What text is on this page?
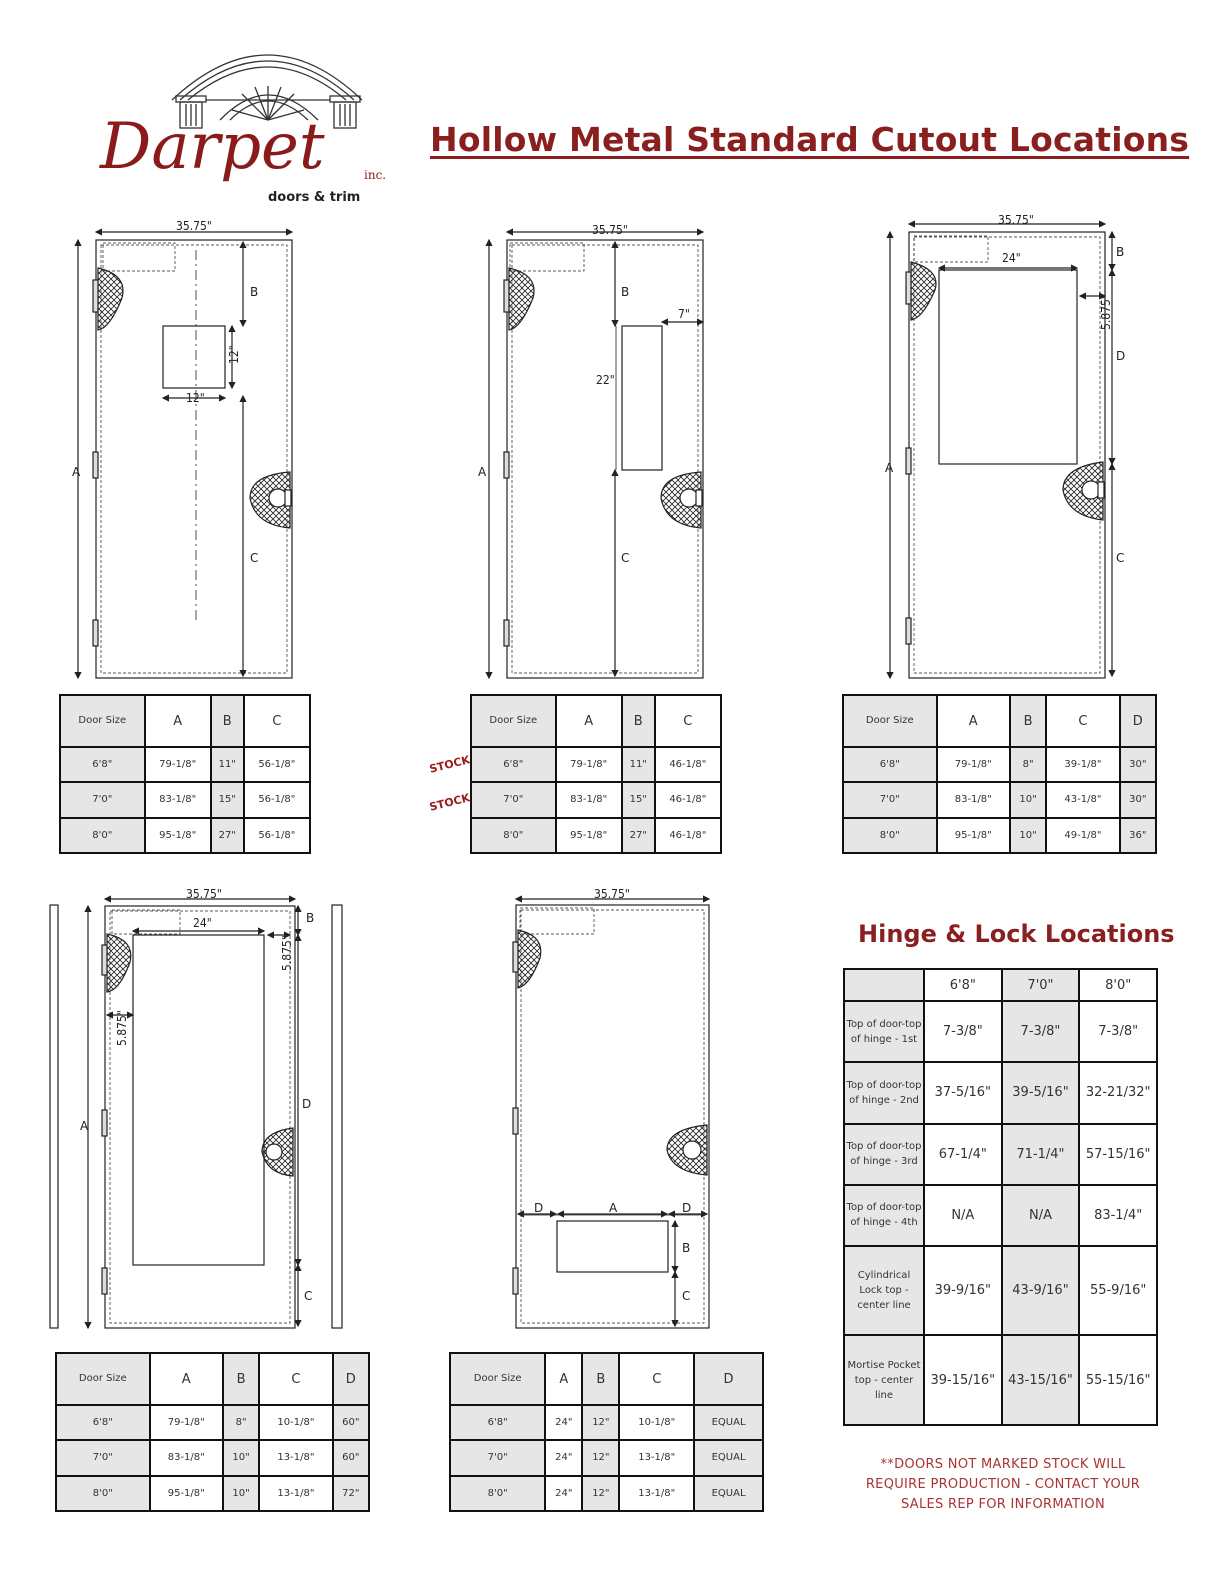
Darpet	inc.
doors & trim
Hollow Metal Standard Cutout Locations
35.75"
A
B
C
12"
12"
35.75"
A
B
C
7"
22"
35.75"
A
B
C
D
24"
5.875"
35.75"
A
B
C
D
24"
5.875"
5.875"
35.75"
A
B
C
D	D
Door Size	A	B	C
6'8"	79-1/8"	11"	56-1/8"
7'0"	83-1/8"	15"	56-1/8"
8'0"	95-1/8"	27"	56-1/8"
STOCK
STOCK
Door Size	A	B	C
6'8"	79-1/8"	11"	46-1/8"
7'0"	83-1/8"	15"	46-1/8"
8'0"	95-1/8"	27"	46-1/8"
Door Size	A	B	C	D
6'8"	79-1/8"	8"	39-1/8"	30"
7'0"	83-1/8"	10"	43-1/8"	30"
8'0"	95-1/8"	10"	49-1/8"	36"
Door Size	A	B	C	D
6'8"	79-1/8"	8"	10-1/8"	60"
7'0"	83-1/8"	10"	13-1/8"	60"
8'0"	95-1/8"	10"	13-1/8"	72"
Door Size	A	B	C	D
6'8"	24"	12"	10-1/8"	EQUAL
7'0"	24"	12"	13-1/8"	EQUAL
8'0"	24"	12"	13-1/8"	EQUAL
Hinge & Lock Locations
	6'8"	7'0"	8'0"
Top of door-top of hinge - 1st	7-3/8"	7-3/8"	7-3/8"
Top of door-top of hinge - 2nd	37-5/16"	39-5/16"	32-21/32"
Top of door-top of hinge - 3rd	67-1/4"	71-1/4"	57-15/16"
Top of door-top of hinge - 4th	N/A	N/A	83-1/4"
Cylindrical Lock top - center line	39-9/16"	43-9/16"	55-9/16"
Mortise Pocket top - center line	39-15/16"	43-15/16"	55-15/16"
**DOORS NOT MARKED STOCK WILL REQUIRE PRODUCTION - CONTACT YOUR SALES REP FOR INFORMATION
